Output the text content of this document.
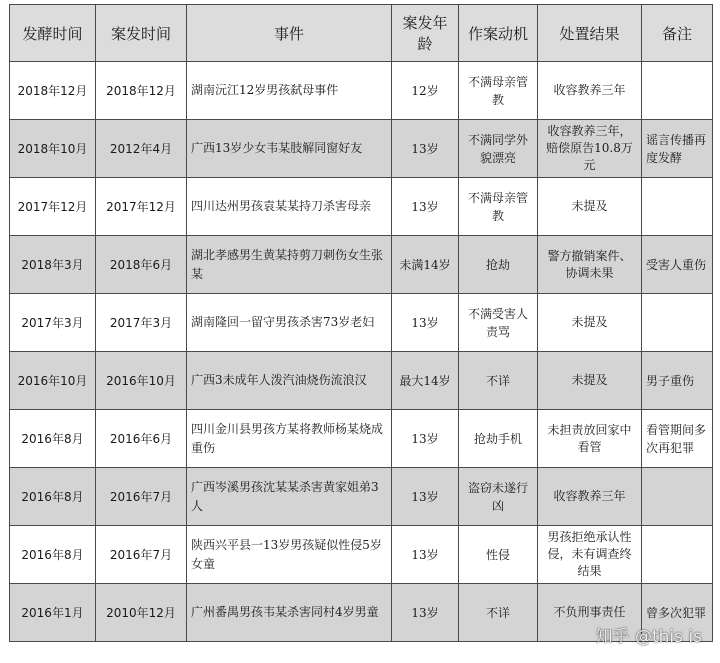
发酵时间	案发时间	事件	案发年龄	作案动机	处置结果	备注
2018年12月	2018年12月	湖南沅江12岁男孩弑母事件	12岁	不满母亲管教	收容教养三年	
2018年10月	2012年4月	广西13岁少女韦某肢解同窗好友	13岁	不满同学外貌漂亮	收容教养三年，赔偿原告10.8万元	谣言传播再度发酵
2017年12月	2017年12月	四川达州男孩袁某某持刀杀害母亲	13岁	不满母亲管教	未提及	
2018年3月	2018年6月	湖北孝感男生黄某持剪刀刺伤女生张某	未满14岁	抢劫	警方撤销案件、协调未果	受害人重伤
2017年3月	2017年3月	湖南隆回一留守男孩杀害73岁老妇	13岁	不满受害人责骂	未提及	
2016年10月	2016年10月	广西3未成年人泼汽油烧伤流浪汉	最大14岁	不详	未提及	男子重伤
2016年8月	2016年6月	四川金川县男孩方某将教师杨某烧成重伤	13岁	抢劫手机	未担责放回家中看管	看管期间多次再犯罪
2016年8月	2016年7月	广西岑溪男孩沈某某杀害黄家姐弟3人	13岁	盗窃未遂行凶	收容教养三年	
2016年8月	2016年7月	陕西兴平县一13岁男孩疑似性侵5岁女童	13岁	性侵	男孩拒绝承认性侵，未有调查终结果	
2016年1月	2010年12月	广州番禺男孩韦某杀害同村4岁男童	13岁	不详	不负刑事责任	曾多次犯罪
知乎 @this is
